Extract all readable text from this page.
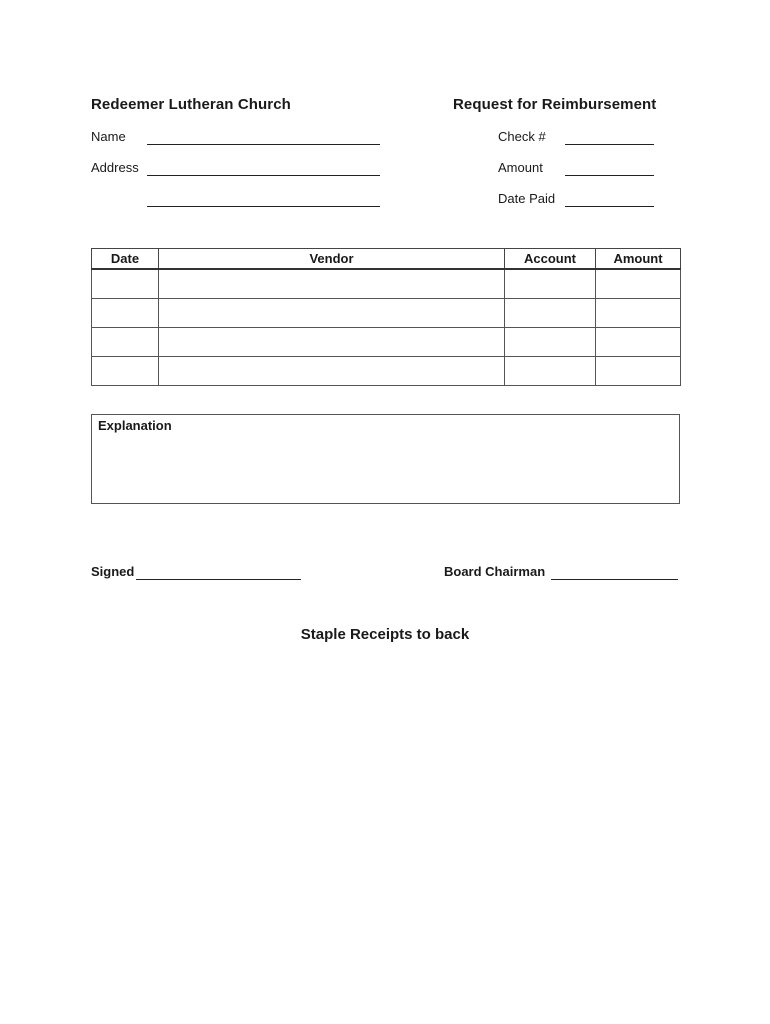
Redeemer Lutheran Church	Request for Reimbursement
Name
Address
Check #
Amount
Date Paid
Date	Vendor	Account	Amount

Explanation
Signed	Board Chairman
Staple Receipts to back
